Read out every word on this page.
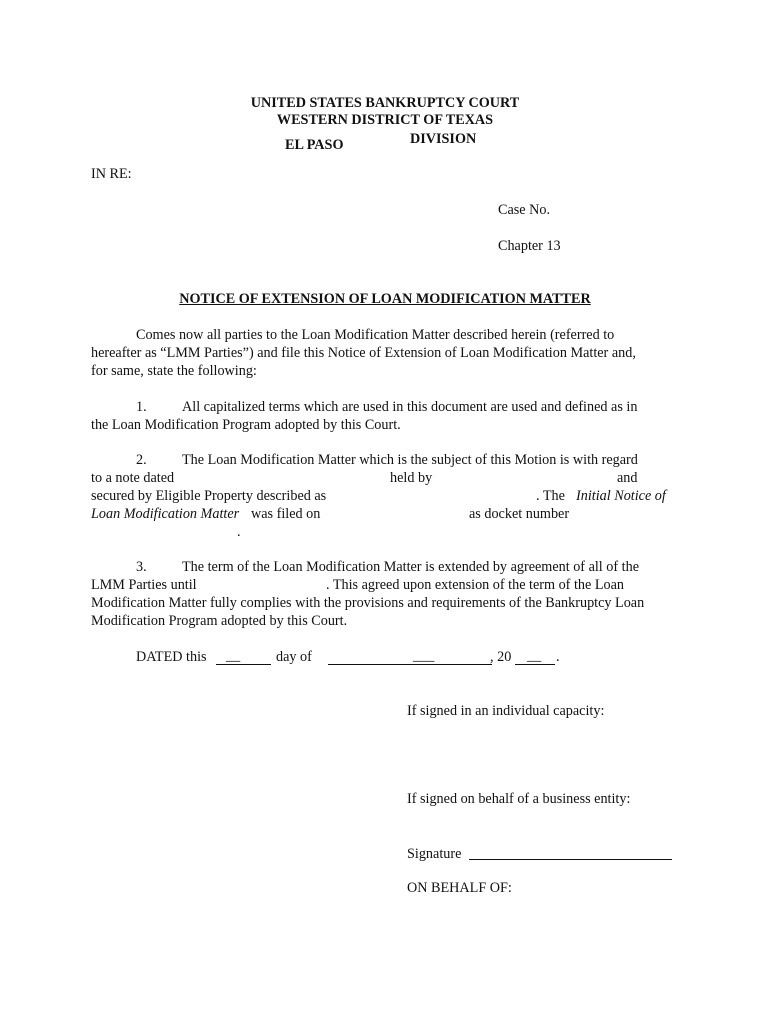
UNITED STATES BANKRUPTCY COURT
WESTERN DISTRICT OF TEXAS
EL PASO	DIVISION
IN RE:
Case No.
Chapter 13
NOTICE OF EXTENSION OF LOAN MODIFICATION MATTER
Comes now all parties to the Loan Modification Matter described herein (referred to
hereafter as “LMM Parties”) and file this Notice of Extension of Loan Modification Matter and,
for same, state the following:
1. All capitalized terms which are used in this document are used and defined as in
the Loan Modification Program adopted by this Court.
2. The Loan Modification Matter which is the subject of this Motion is with regard
to a note dated	held by	and
secured by Eligible Property described as	. The Initial Notice of
Loan Modification Matter was filed on	as docket number
.
3. The term of the Loan Modification Matter is extended by agreement of all of the
LMM Parties until	. This agreed upon extension of the term of the Loan
Modification Matter fully complies with the provisions and requirements of the Bankruptcy Loan
Modification Program adopted by this Court.
DATED this __	day of	___	, 20 __ .
If signed in an individual capacity:
If signed on behalf of a business entity:
Signature
ON BEHALF OF:
